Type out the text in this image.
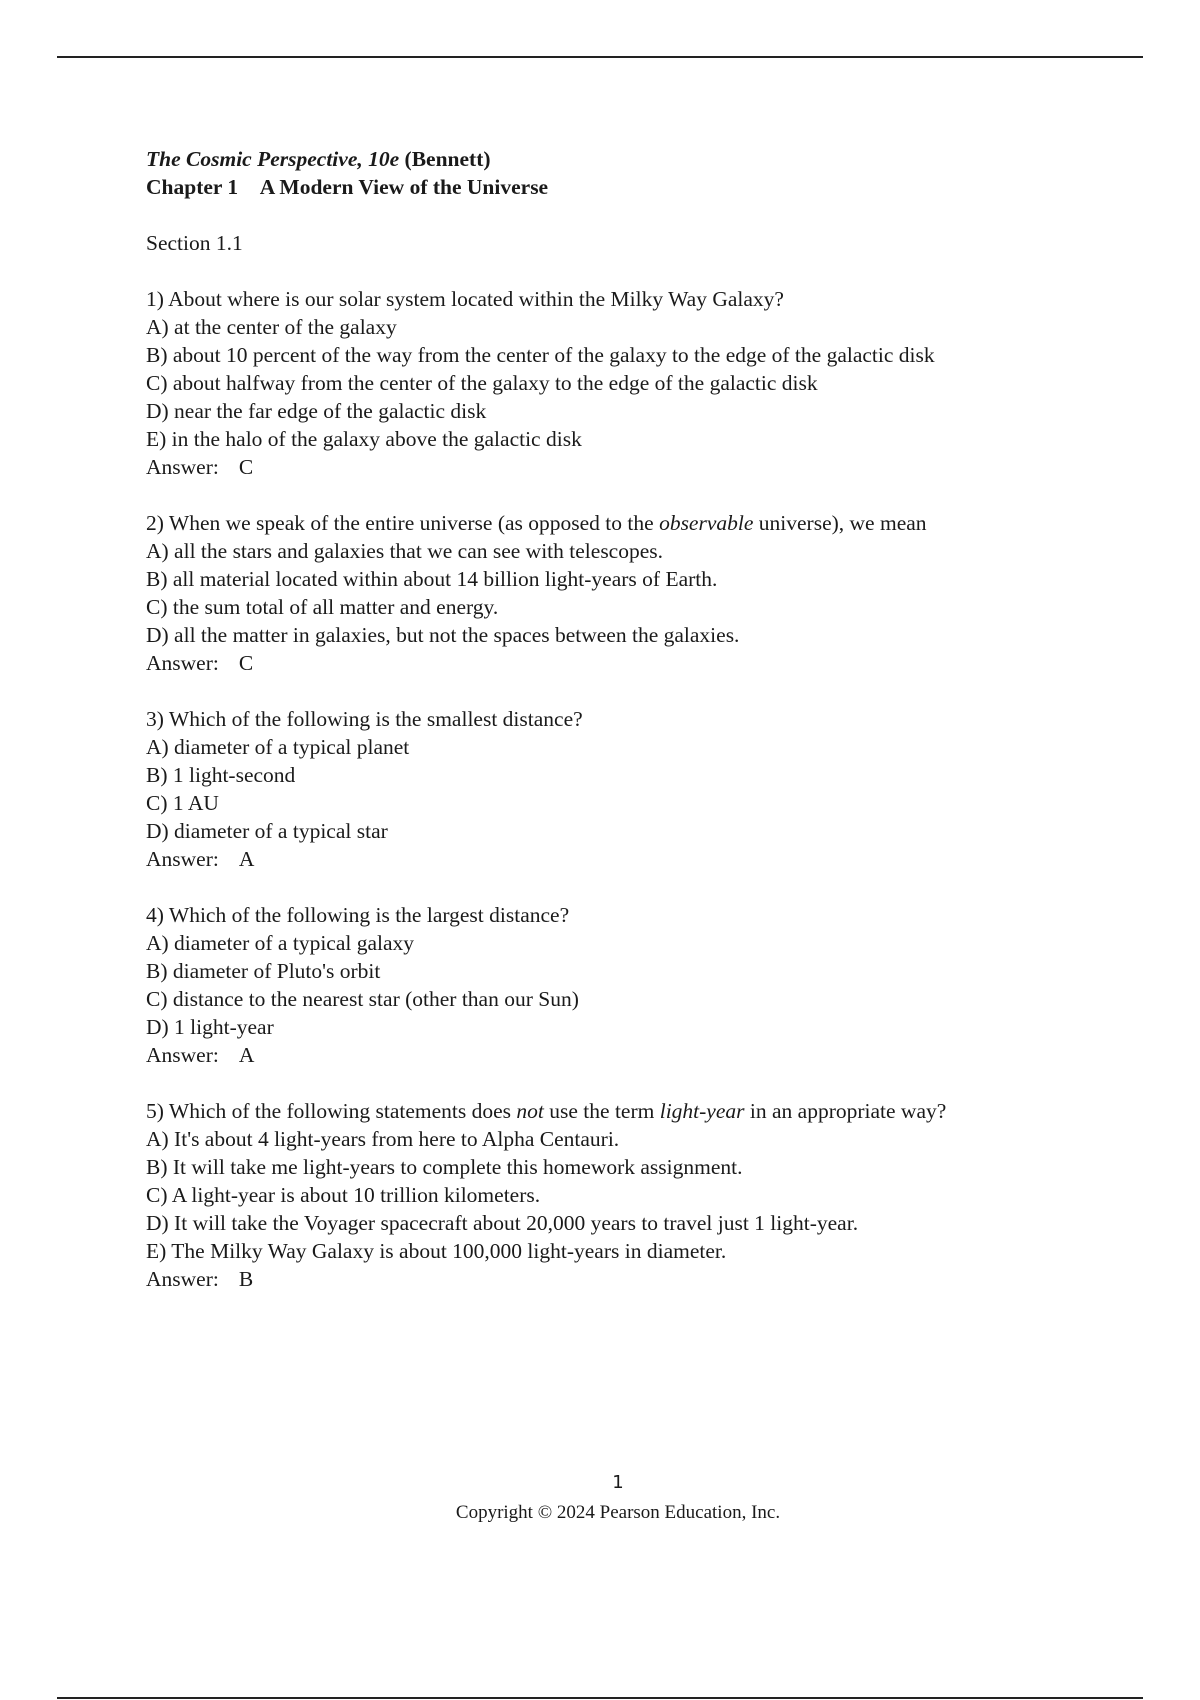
The Cosmic Perspective, 10e (Bennett)
Chapter 1 A Modern View of the Universe
Section 1.1
1) About where is our solar system located within the Milky Way Galaxy?
A) at the center of the galaxy
B) about 10 percent of the way from the center of the galaxy to the edge of the galactic disk
C) about halfway from the center of the galaxy to the edge of the galactic disk
D) near the far edge of the galactic disk
E) in the halo of the galaxy above the galactic disk
Answer: C
2) When we speak of the entire universe (as opposed to the observable universe), we mean
A) all the stars and galaxies that we can see with telescopes.
B) all material located within about 14 billion light-years of Earth.
C) the sum total of all matter and energy.
D) all the matter in galaxies, but not the spaces between the galaxies.
Answer: C
3) Which of the following is the smallest distance?
A) diameter of a typical planet
B) 1 light-second
C) 1 AU
D) diameter of a typical star
Answer: A
4) Which of the following is the largest distance?
A) diameter of a typical galaxy
B) diameter of Pluto's orbit
C) distance to the nearest star (other than our Sun)
D) 1 light-year
Answer: A
5) Which of the following statements does not use the term light-year in an appropriate way?
A) It's about 4 light-years from here to Alpha Centauri.
B) It will take me light-years to complete this homework assignment.
C) A light-year is about 10 trillion kilometers.
D) It will take the Voyager spacecraft about 20,000 years to travel just 1 light-year.
E) The Milky Way Galaxy is about 100,000 light-years in diameter.
Answer: B
1
Copyright © 2024 Pearson Education, Inc.
